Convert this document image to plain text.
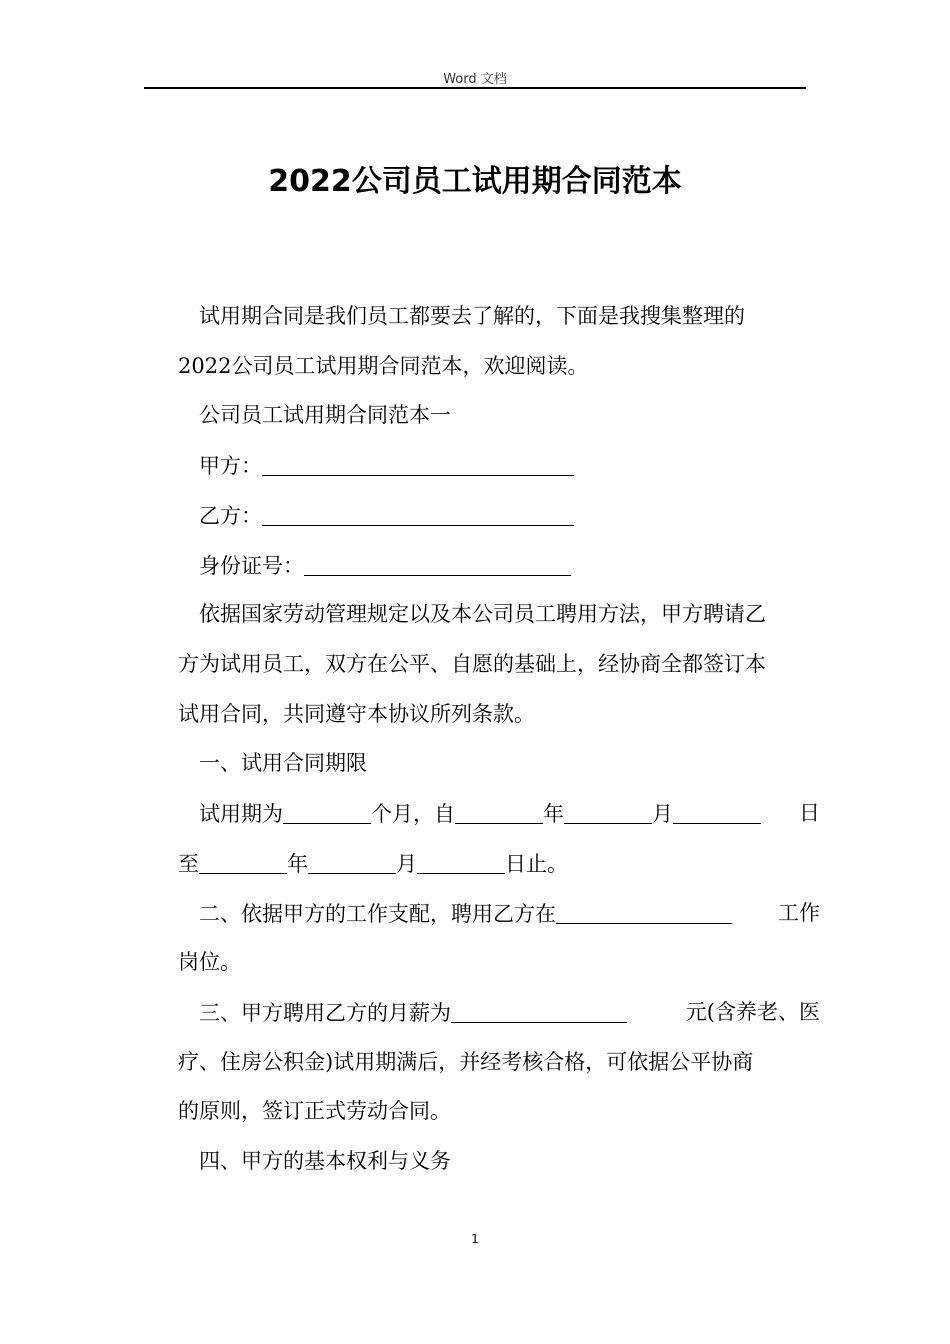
Word 文档
2022公司员工试用期合同范本
试用期合同是我们员工都要去了解的，下面是我搜集整理的
2022公司员工试用期合同范本，欢迎阅读。
公司员工试用期合同范本一
甲方：
乙方：
身份证号：
依据国家劳动管理规定以及本公司员工聘用方法，甲方聘请乙
方为试用员工，双方在公平、自愿的基础上，经协商全都签订本
试用合同，共同遵守本协议所列条款。
一、试用合同期限
试用期为	个月，自	年	月	日
至	年	月	日止。
二、依据甲方的工作支配，聘用乙方在	工作
岗位。
三、甲方聘用乙方的月薪为	元(含养老、医
疗、住房公积金)试用期满后，并经考核合格，可依据公平协商
的原则，签订正式劳动合同。
四、甲方的基本权利与义务
1
